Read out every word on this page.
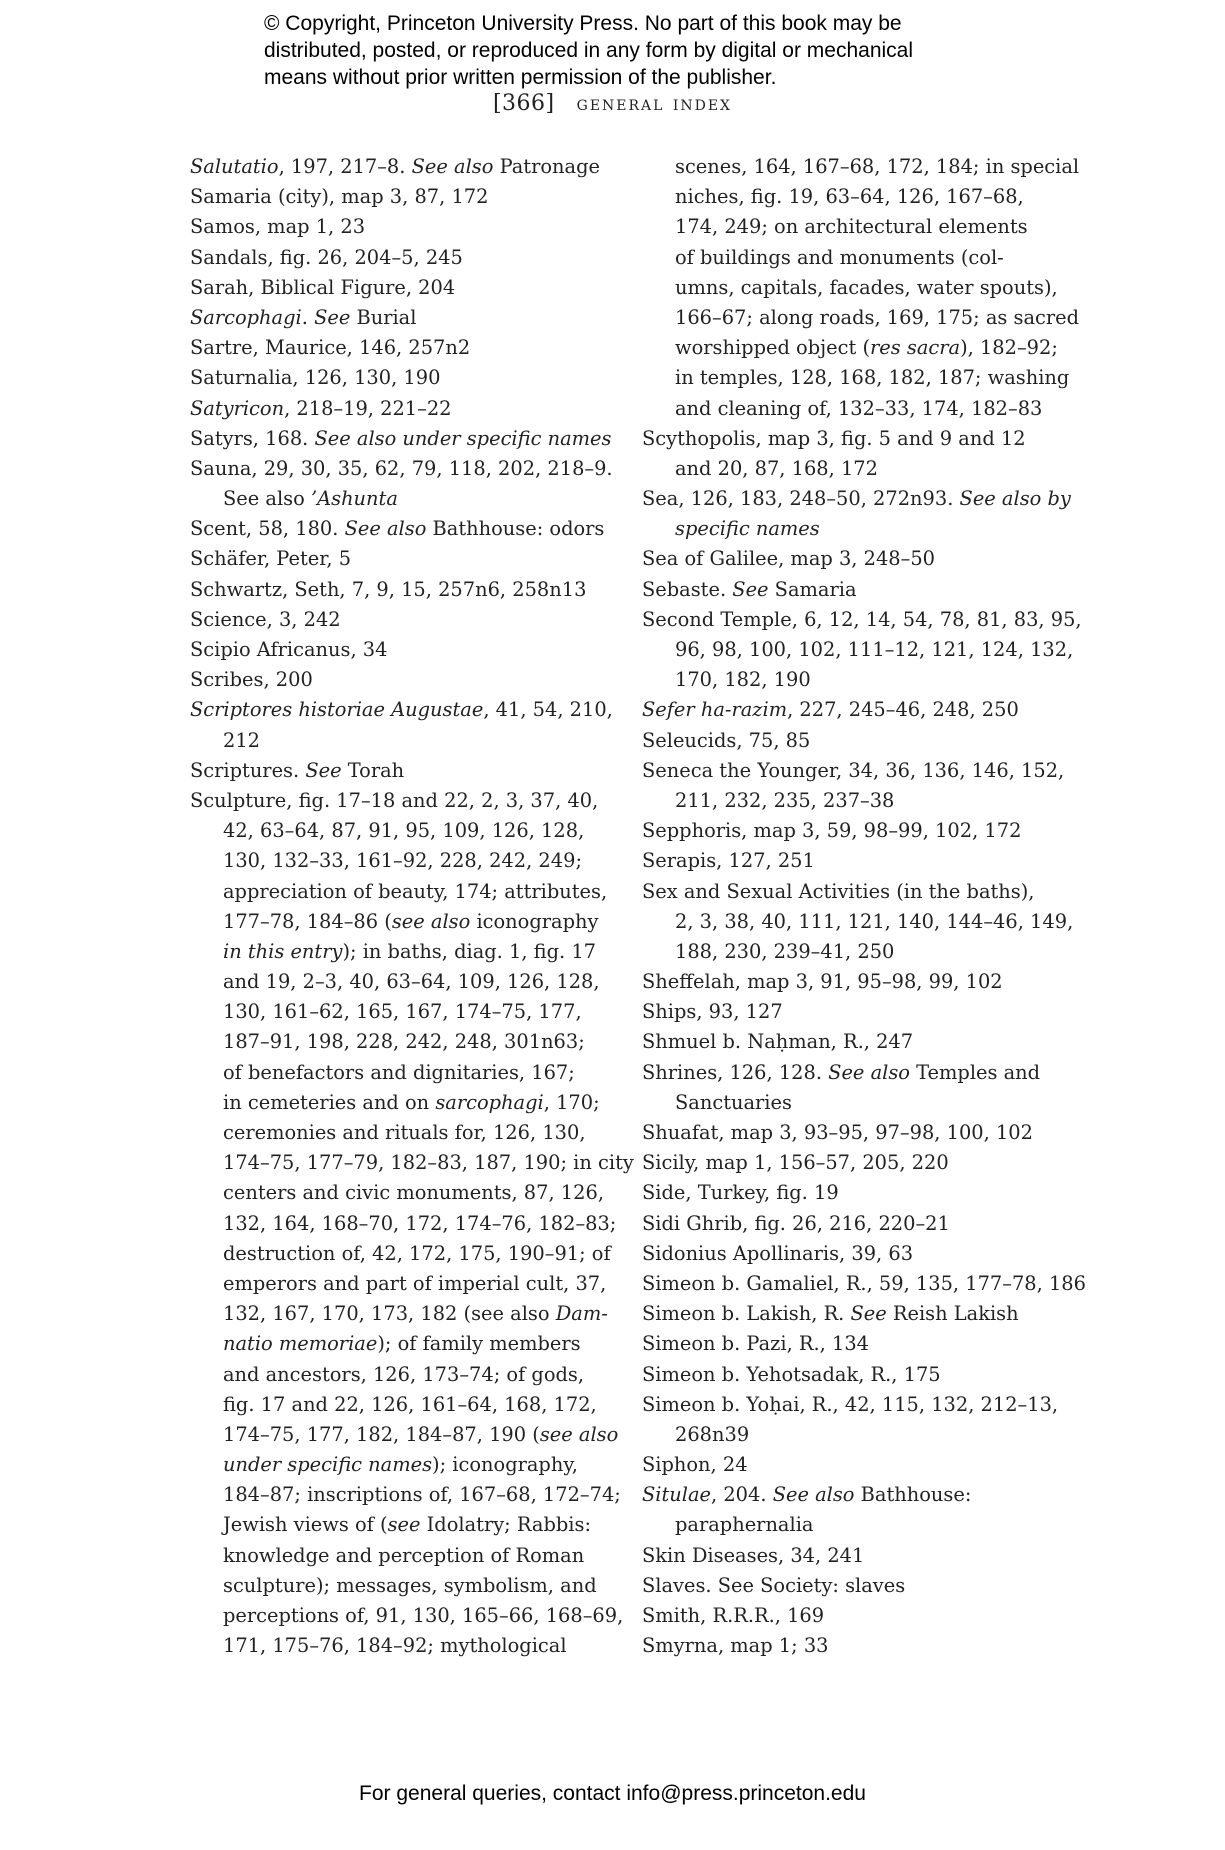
© Copyright, Princeton University Press. No part of this book may be
distributed, posted, or reproduced in any form by digital or mechanical
means without prior written permission of the publisher.
[366] general index
Salutatio, 197, 217–8. See also Patronage
Samaria (city), map 3, 87, 172
Samos, map 1, 23
Sandals, fig. 26, 204–5, 245
Sarah, Biblical Figure, 204
Sarcophagi. See Burial
Sartre, Maurice, 146, 257n2
Saturnalia, 126, 130, 190
Satyricon, 218–19, 221–22
Satyrs, 168. See also under specific names
Sauna, 29, 30, 35, 62, 79, 118, 202, 218–9.
See also ’Ashunta
Scent, 58, 180. See also Bathhouse: odors
Schäfer, Peter, 5
Schwartz, Seth, 7, 9, 15, 257n6, 258n13
Science, 3, 242
Scipio Africanus, 34
Scribes, 200
Scriptores historiae Augustae, 41, 54, 210,
212
Scriptures. See Torah
Sculpture, fig. 17–18 and 22, 2, 3, 37, 40,
42, 63–64, 87, 91, 95, 109, 126, 128,
130, 132–33, 161–92, 228, 242, 249;
appreciation of beauty, 174; attributes,
177–78, 184–86 (see also iconography
in this entry); in baths, diag. 1, fig. 17
and 19, 2–3, 40, 63–64, 109, 126, 128,
130, 161–62, 165, 167, 174–75, 177,
187–91, 198, 228, 242, 248, 301n63;
of benefactors and dignitaries, 167;
in cemeteries and on sarcophagi, 170;
ceremonies and rituals for, 126, 130,
174–75, 177–79, 182–83, 187, 190; in city
centers and civic monuments, 87, 126,
132, 164, 168–70, 172, 174–76, 182–83;
destruction of, 42, 172, 175, 190–91; of
emperors and part of imperial cult, 37,
132, 167, 170, 173, 182 (see also Dam-
natio memoriae); of family members
and ancestors, 126, 173–74; of gods,
fig. 17 and 22, 126, 161–64, 168, 172,
174–75, 177, 182, 184–87, 190 (see also
under specific names); iconography,
184–87; inscriptions of, 167–68, 172–74;
Jewish views of (see Idolatry; Rabbis:
knowledge and perception of Roman
sculpture); messages, symbolism, and
perceptions of, 91, 130, 165–66, 168–69,
171, 175–76, 184–92; mythological
scenes, 164, 167–68, 172, 184; in special
niches, fig. 19, 63–64, 126, 167–68,
174, 249; on architectural elements
of buildings and monuments (col-
umns, capitals, facades, water spouts),
166–67; along roads, 169, 175; as sacred
worshipped object (res sacra), 182–92;
in temples, 128, 168, 182, 187; washing
and cleaning of, 132–33, 174, 182–83
Scythopolis, map 3, fig. 5 and 9 and 12
and 20, 87, 168, 172
Sea, 126, 183, 248–50, 272n93. See also by
specific names
Sea of Galilee, map 3, 248–50
Sebaste. See Samaria
Second Temple, 6, 12, 14, 54, 78, 81, 83, 95,
96, 98, 100, 102, 111–12, 121, 124, 132,
170, 182, 190
Sefer ha-razim, 227, 245–46, 248, 250
Seleucids, 75, 85
Seneca the Younger, 34, 36, 136, 146, 152,
211, 232, 235, 237–38
Sepphoris, map 3, 59, 98–99, 102, 172
Serapis, 127, 251
Sex and Sexual Activities (in the baths),
2, 3, 38, 40, 111, 121, 140, 144–46, 149,
188, 230, 239–41, 250
Sheffelah, map 3, 91, 95–98, 99, 102
Ships, 93, 127
Shmuel b. Naḥman, R., 247
Shrines, 126, 128. See also Temples and
Sanctuaries
Shuafat, map 3, 93–95, 97–98, 100, 102
Sicily, map 1, 156–57, 205, 220
Side, Turkey, fig. 19
Sidi Ghrib, fig. 26, 216, 220–21
Sidonius Apollinaris, 39, 63
Simeon b. Gamaliel, R., 59, 135, 177–78, 186
Simeon b. Lakish, R. See Reish Lakish
Simeon b. Pazi, R., 134
Simeon b. Yehotsadak, R., 175
Simeon b. Yoḥai, R., 42, 115, 132, 212–13,
268n39
Siphon, 24
Situlae, 204. See also Bathhouse:
paraphernalia
Skin Diseases, 34, 241
Slaves. See Society: slaves
Smith, R.R.R., 169
Smyrna, map 1; 33
For general queries, contact info@press.princeton.edu
